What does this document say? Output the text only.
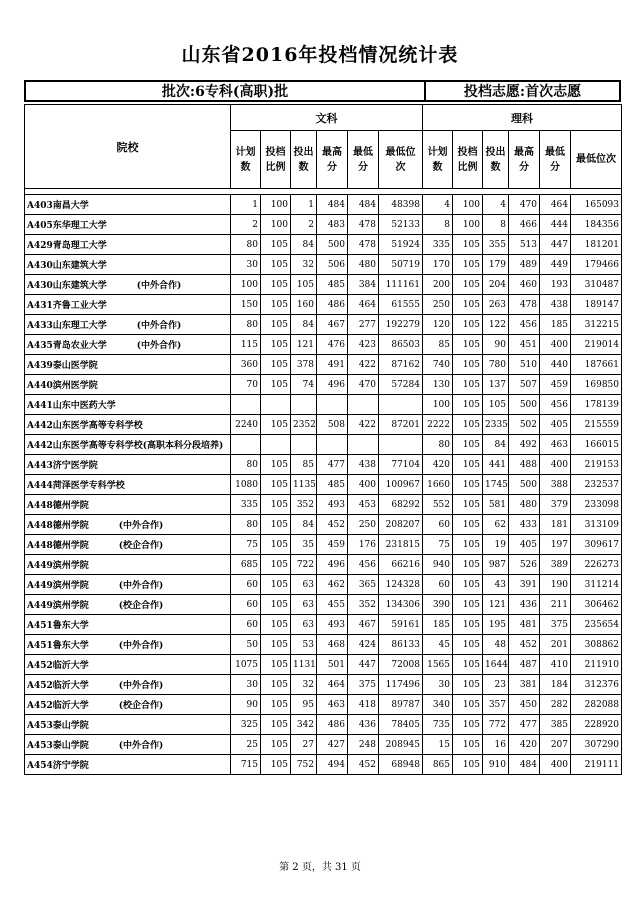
山东省2016年投档情况统计表
批次:6专科(高职)批	投档志愿:首次志愿
院校	文科						理科					
	计划数	投档比例	投出数	最高分	最低分	最低位次	计划数	投档比例	投出数	最高分	最低分	最低位次

A403南昌大学	1	100	1	484	484	48398	4	100	4	470	464	165093
A405东华理工大学	2	100	2	483	478	52133	8	100	8	466	444	184356
A429青岛理工大学	80	105	84	500	478	51924	335	105	355	513	447	181201
A430山东建筑大学	30	105	32	506	480	50719	170	105	179	489	449	179466
A430山东建筑大学 (中外合作)	100	105	105	485	384	111161	200	105	204	460	193	310487
A431齐鲁工业大学	150	105	160	486	464	61555	250	105	263	478	438	189147
A433山东理工大学 (中外合作)	80	105	84	467	277	192279	120	105	122	456	185	312215
A435青岛农业大学 (中外合作)	115	105	121	476	423	86503	85	105	90	451	400	219014
A439泰山医学院	360	105	378	491	422	87162	740	105	780	510	440	187661
A440滨州医学院	70	105	74	496	470	57284	130	105	137	507	459	169850
A441山东中医药大学							100	105	105	500	456	178139
A442山东医学高等专科学校	2240	105	2352	508	422	87201	2222	105	2335	502	405	215559
A442山东医学高等专科学校(高职本科分段培养)							80	105	84	492	463	166015
A443济宁医学院	80	105	85	477	438	77104	420	105	441	488	400	219153
A444菏泽医学专科学校	1080	105	1135	485	400	100967	1660	105	1745	500	388	232537
A448德州学院	335	105	352	493	453	68292	552	105	581	480	379	233098
A448德州学院 (中外合作)	80	105	84	452	250	208207	60	105	62	433	181	313109
A448德州学院 (校企合作)	75	105	35	459	176	231815	75	105	19	405	197	309617
A449滨州学院	685	105	722	496	456	66216	940	105	987	526	389	226273
A449滨州学院 (中外合作)	60	105	63	462	365	124328	60	105	43	391	190	311214
A449滨州学院 (校企合作)	60	105	63	455	352	134306	390	105	121	436	211	306462
A451鲁东大学	60	105	63	493	467	59161	185	105	195	481	375	235654
A451鲁东大学 (中外合作)	50	105	53	468	424	86133	45	105	48	452	201	308862
A452临沂大学	1075	105	1131	501	447	72008	1565	105	1644	487	410	211910
A452临沂大学 (中外合作)	30	105	32	464	375	117496	30	105	23	381	184	312376
A452临沂大学 (校企合作)	90	105	95	463	418	89787	340	105	357	450	282	282088
A453泰山学院	325	105	342	486	436	78405	735	105	772	477	385	228920
A453泰山学院 (中外合作)	25	105	27	427	248	208945	15	105	16	420	207	307290
A454济宁学院	715	105	752	494	452	68948	865	105	910	484	400	219111
第 2 页，共 31 页
